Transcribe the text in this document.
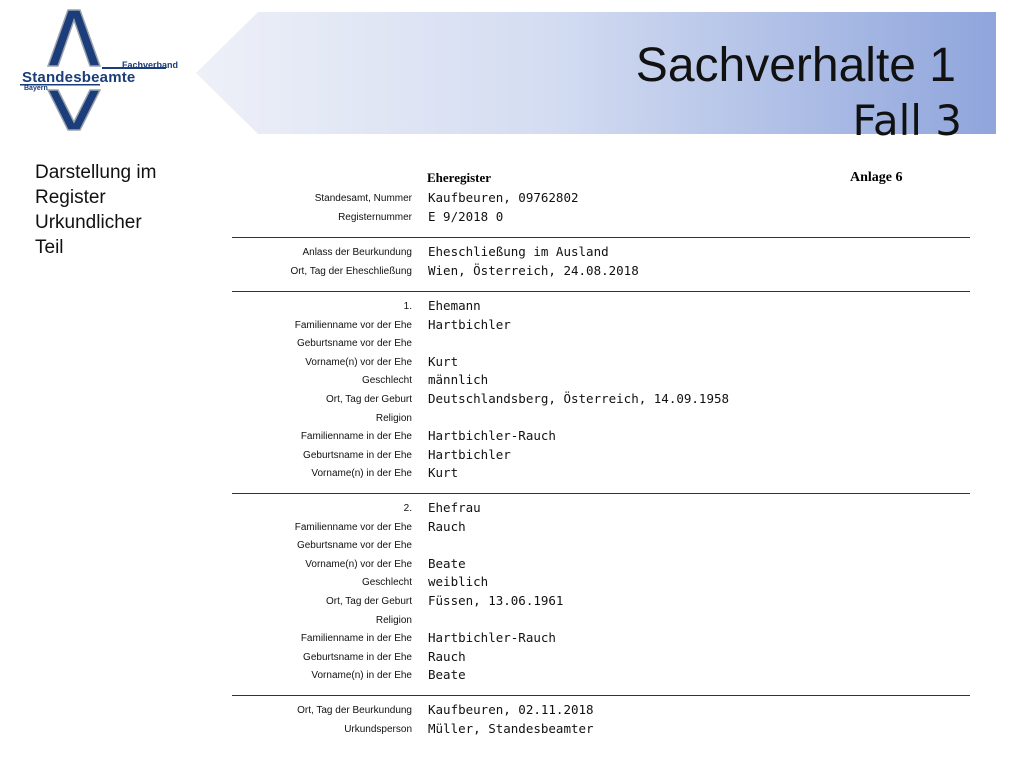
Fachverband
Standesbeamte
Bayern	Sachverhalte 1
Fall 3
Darstellung im
Register
Urkundlicher
Teil
Eheregister	Anlage 6
Standesamt, Nummer Kaufbeuren, 09762802
Registernummer E 9/2018 0
Anlass der Beurkundung Eheschließung im Ausland
Ort, Tag der Eheschließung Wien, Österreich, 24.08.2018
1. Ehemann
Familienname vor der Ehe Hartbichler
Geburtsname vor der Ehe
Vorname(n) vor der Ehe Kurt
Geschlecht männlich
Ort, Tag der Geburt Deutschlandsberg, Österreich, 14.09.1958
Religion
Familienname in der Ehe Hartbichler-Rauch
Geburtsname in der Ehe Hartbichler
Vorname(n) in der Ehe Kurt
2. Ehefrau
Familienname vor der Ehe Rauch
Geburtsname vor der Ehe
Vorname(n) vor der Ehe Beate
Geschlecht weiblich
Ort, Tag der Geburt Füssen, 13.06.1961
Religion
Familienname in der Ehe Hartbichler-Rauch
Geburtsname in der Ehe Rauch
Vorname(n) in der Ehe Beate
Ort, Tag der Beurkundung Kaufbeuren, 02.11.2018
Urkundsperson Müller, Standesbeamter
